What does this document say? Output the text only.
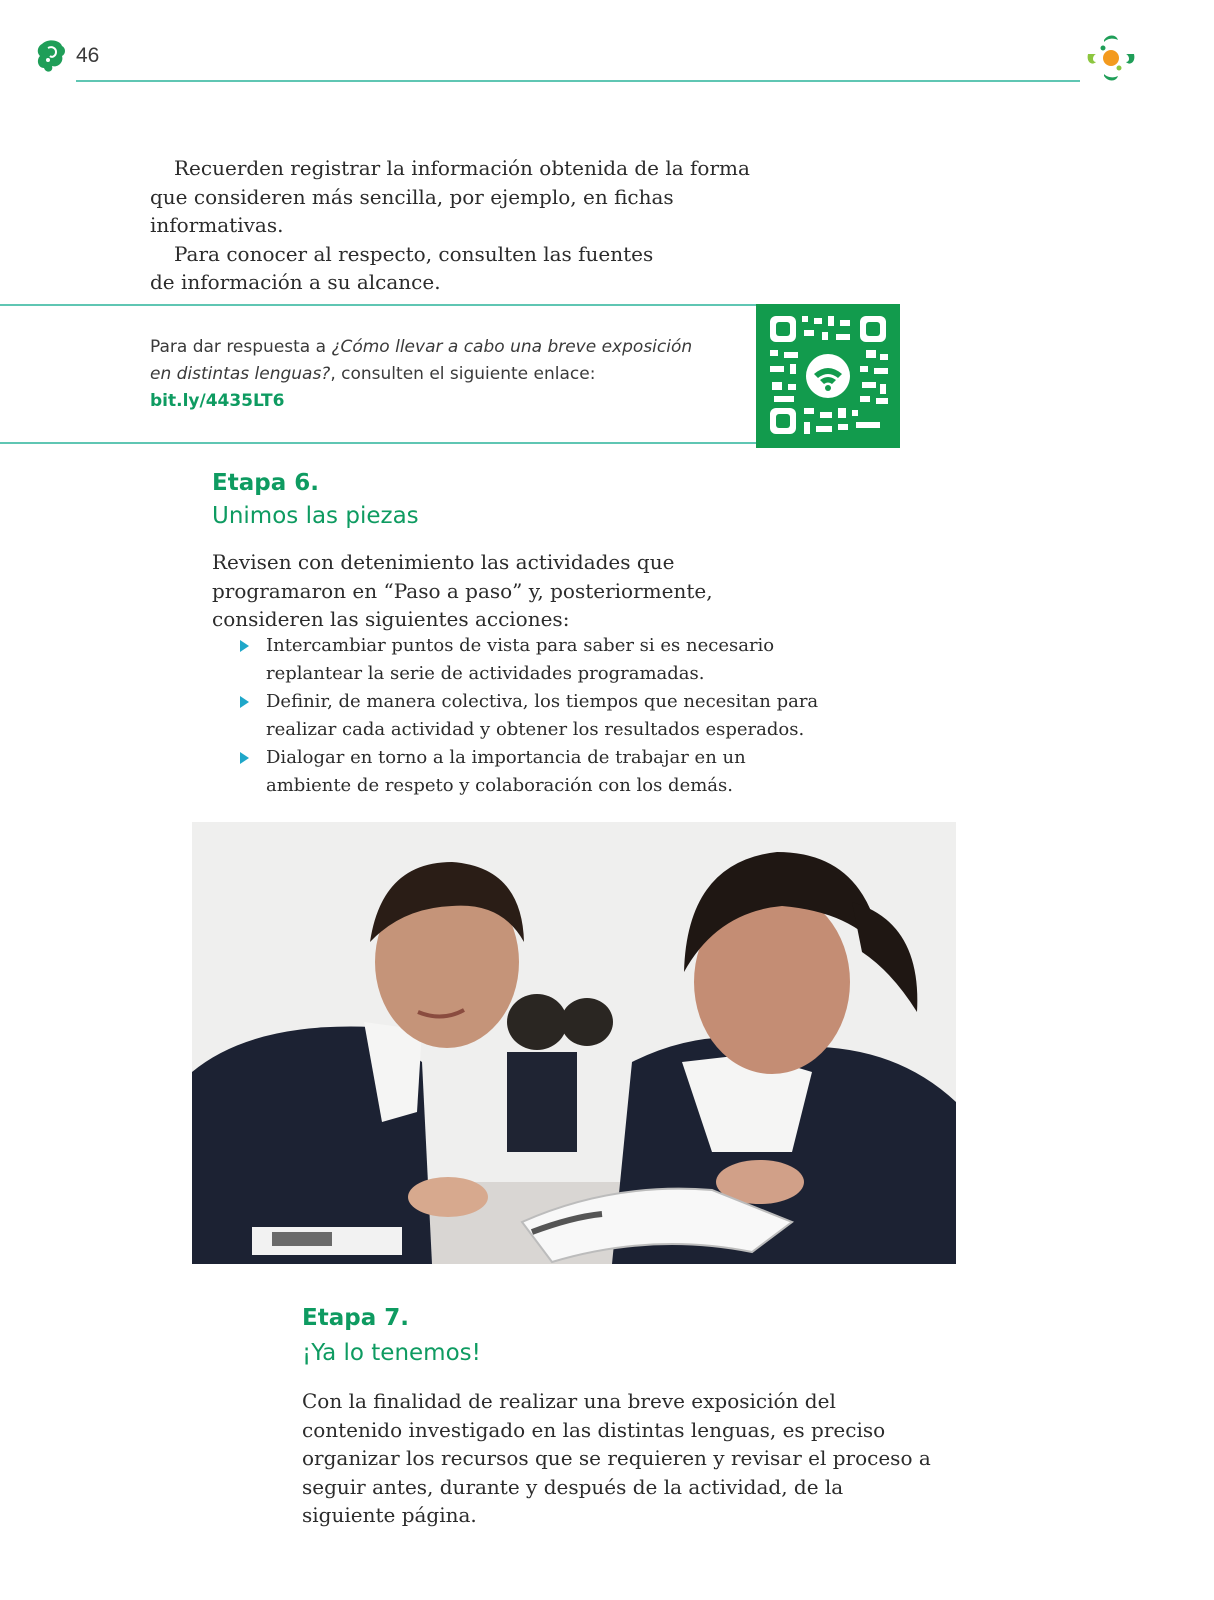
46

Recuerden registrar la información obtenida de la forma

que consideren más sencilla, por ejemplo, en fichas informativas.

Para conocer al respecto, consulten las fuentes

de información a su alcance.

Para dar respuesta a ¿Cómo llevar a cabo una breve exposición en distintas lenguas?, consulten el siguiente enlace: bit.ly/4435LT6
Etapa 6.
Unimos las piezas

Revisen con detenimiento las actividades que programaron en “Paso a paso” y, posteriormente, consideren las siguientes acciones:

Intercambiar puntos de vista para saber si es necesario replantear la serie de actividades programadas.
Definir, de manera colectiva, los tiempos que necesitan para realizar cada actividad y obtener los resultados esperados.
Dialogar en torno a la importancia de trabajar en un ambiente de respeto y colaboración con los demás.
Etapa 7.
¡Ya lo tenemos!

Con la finalidad de realizar una breve exposición del contenido investigado en las distintas lenguas, es preciso organizar los recursos que se requieren y revisar el proceso a seguir antes, durante y después de la actividad, de la siguiente página.
